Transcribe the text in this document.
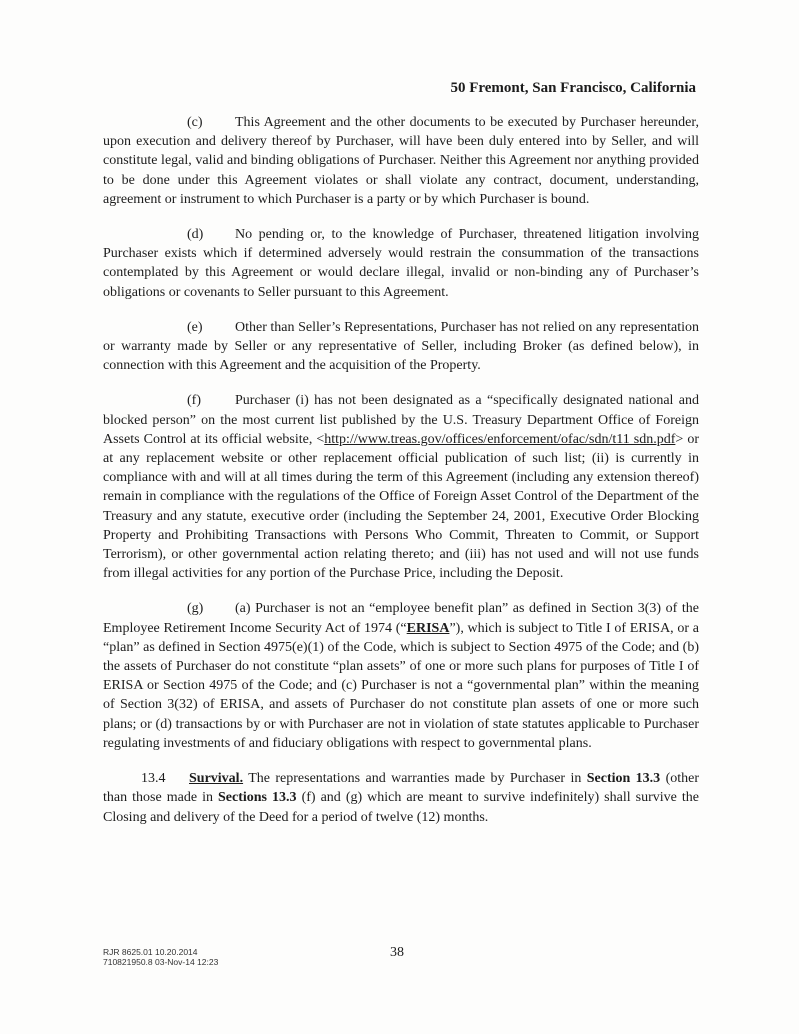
50 Fremont, San Francisco, California

(c) This Agreement and the other documents to be executed by Purchaser hereunder, upon execution and delivery thereof by Purchaser, will have been duly entered into by Seller, and will constitute legal, valid and binding obligations of Purchaser. Neither this Agreement nor anything provided to be done under this Agreement violates or shall violate any contract, document, understanding, agreement or instrument to which Purchaser is a party or by which Purchaser is bound.

(d) No pending or, to the knowledge of Purchaser, threatened litigation involving Purchaser exists which if determined adversely would restrain the consummation of the transactions contemplated by this Agreement or would declare illegal, invalid or non-binding any of Purchaser’s obligations or covenants to Seller pursuant to this Agreement.

(e) Other than Seller’s Representations, Purchaser has not relied on any representation or warranty made by Seller or any representative of Seller, including Broker (as defined below), in connection with this Agreement and the acquisition of the Property.

(f) Purchaser (i) has not been designated as a “specifically designated national and blocked person” on the most current list published by the U.S. Treasury Department Office of Foreign Assets Control at its official website, <http://www.treas.gov/offices/enforcement/ofac/sdn/t11 sdn.pdf> or at any replacement website or other replacement official publication of such list; (ii) is currently in compliance with and will at all times during the term of this Agreement (including any extension thereof) remain in compliance with the regulations of the Office of Foreign Asset Control of the Department of the Treasury and any statute, executive order (including the September 24, 2001, Executive Order Blocking Property and Prohibiting Transactions with Persons Who Commit, Threaten to Commit, or Support Terrorism), or other governmental action relating thereto; and (iii) has not used and will not use funds from illegal activities for any portion of the Purchase Price, including the Deposit.

(g) (a) Purchaser is not an “employee benefit plan” as defined in Section 3(3) of the Employee Retirement Income Security Act of 1974 (“ERISA”), which is subject to Title I of ERISA, or a “plan” as defined in Section 4975(e)(1) of the Code, which is subject to Section 4975 of the Code; and (b) the assets of Purchaser do not constitute “plan assets” of one or more such plans for purposes of Title I of ERISA or Section 4975 of the Code; and (c) Purchaser is not a “governmental plan” within the meaning of Section 3(32) of ERISA, and assets of Purchaser do not constitute plan assets of one or more such plans; or (d) transactions by or with Purchaser are not in violation of state statutes applicable to Purchaser regulating investments of and fiduciary obligations with respect to governmental plans.

13.4 Survival. The representations and warranties made by Purchaser in Section 13.3 (other than those made in Sections 13.3 (f) and (g) which are meant to survive indefinitely) shall survive the Closing and delivery of the Deed for a period of twelve (12) months.

RJR 8625.01 10.20.2014
710821950.8 03-Nov-14 12:23
38
